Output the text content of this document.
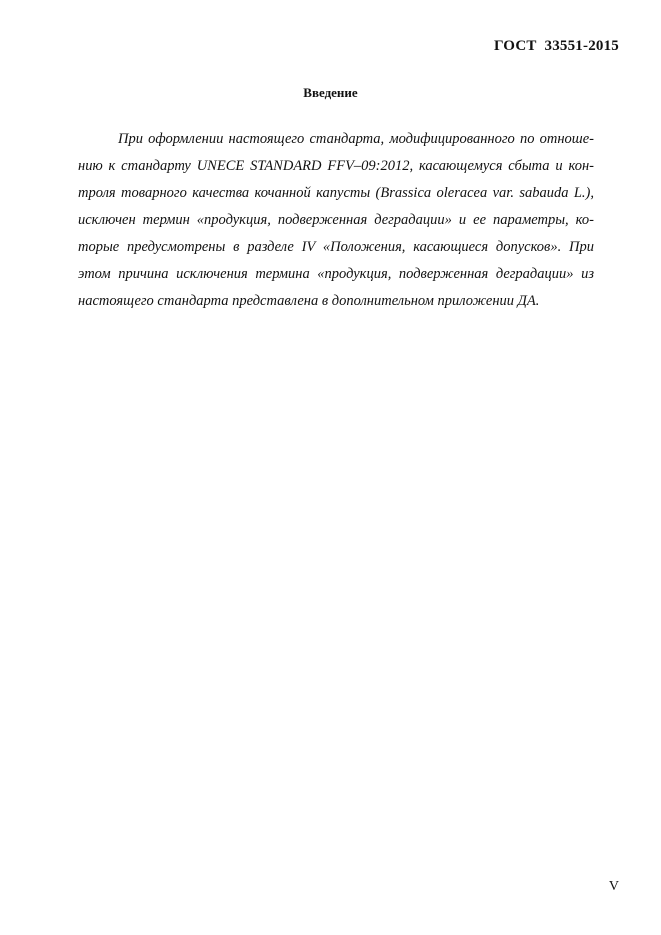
ГОСТ  33551-2015
Введение

При оформлении настоящего стандарта, модифицированного по отноше-
нию к стандарту UNECE STANDARD FFV–09:2012, касающемуся сбыта и кон-
троля товарного качества кочанной капусты (Brassica oleracea var. sabauda L.),
исключен термин «продукция, подверженная деградации» и ее параметры, ко-
торые предусмотрены в разделе IV «Положения, касающиеся допусков». При
этом причина исключения термина «продукция, подверженная деградации» из
настоящего стандарта представлена в дополнительном приложении ДА.

V
